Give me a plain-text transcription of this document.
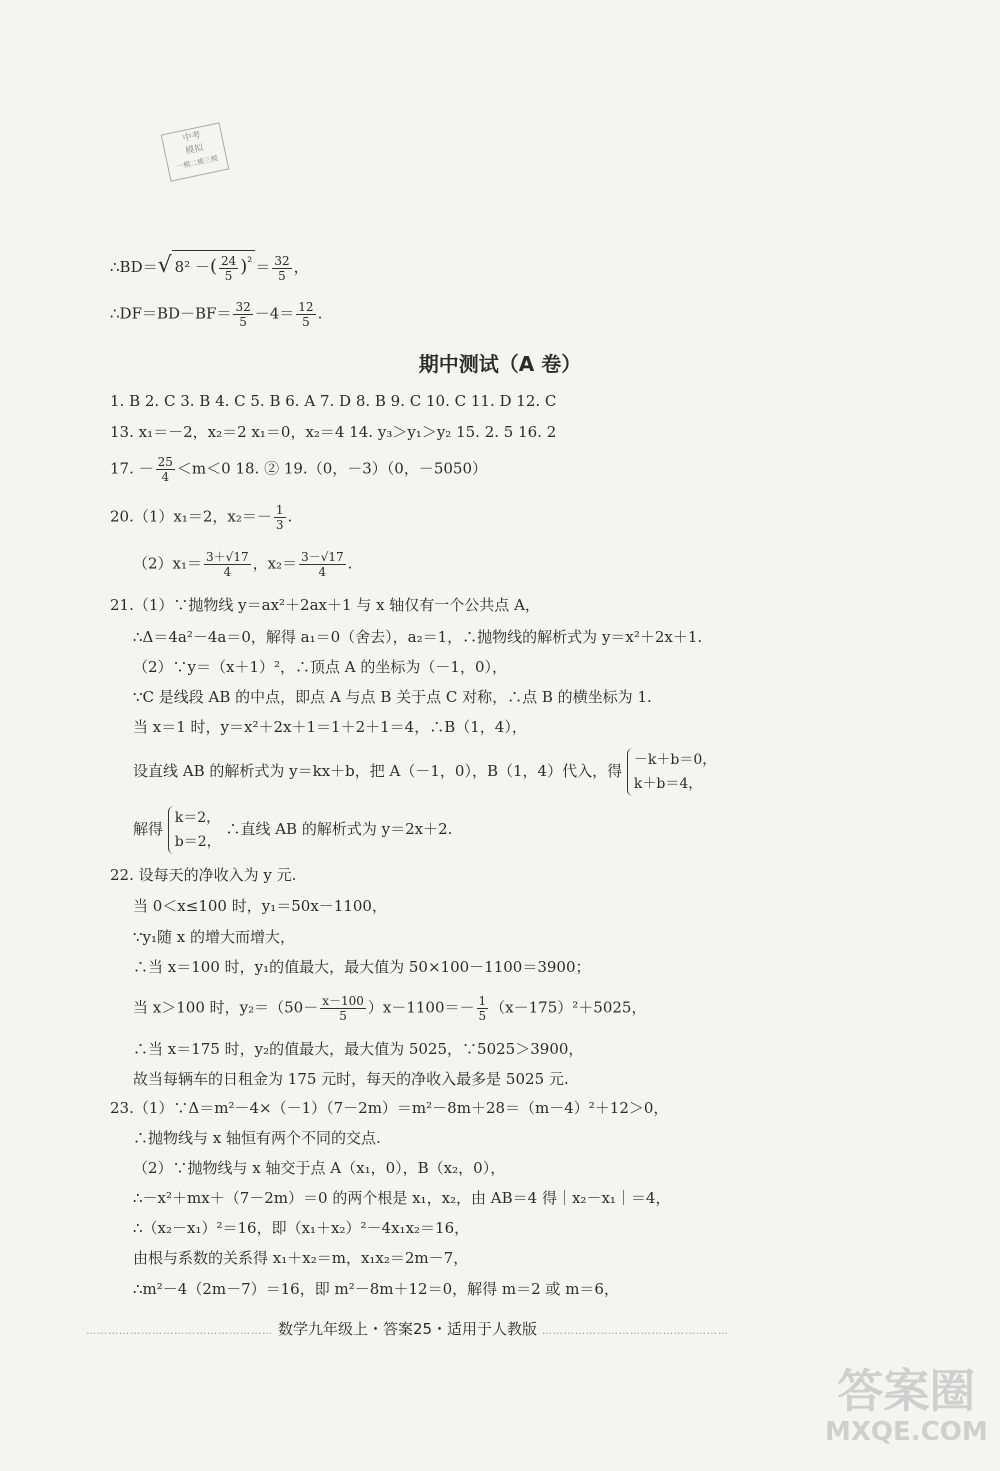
中考
模拟
一模二模三模
∴BD＝√ 8² －( $\frac{24}{5} )^{^2} = \frac{32}{5}$ ，
∴DF＝BD－BF＝ $\frac{32}{5} -4= \frac{12}{5}$ .
期中测试（A 卷）
1. B 2. C 3. B 4. C 5. B 6. A 7. D 8. B 9. C 10. C 11. D 12. C
13. x₁＝－2，x₂＝2 x₁＝0，x₂＝4 14. y₃＞y₁＞y₂ 15. 2. 5 16. 2
17. － $\frac{25}{4} <m<0$ 18. ② 19.（0，－3）（0，－5050）
20.（1）x₁＝2，$x_2=- \frac{1}{3}$ .
$(2)x_1= \frac{3+√17}{4}$ ，$x_2= \frac{3-√17}{4}$ .
21.（1）∵抛物线 y＝ax²＋2ax＋1 与 x 轴仅有一个公共点 A，
∴Δ＝4a²－4a＝0，解得 a₁＝0（舍去），a₂＝1，∴抛物线的解析式为 y＝x²＋2x＋1.
（2）∵y＝（x＋1）²，∴顶点 A 的坐标为（－1，0），
∵C 是线段 AB 的中点，即点 A 与点 B 关于点 C 对称，∴点 B 的横坐标为 1.
当 x＝1 时，y＝x²＋2x＋1＝1＋2＋1＝4，∴B（1，4），
设直线 AB 的解析式为 y＝kx＋b，把 A（－1，0），B（1，4）代入，得 －k＋b＝0，
k＋b＝4，
解得 k＝2，
b＝2， ∴直线 AB 的解析式为 y＝2x＋2.
22. 设每天的净收入为 y 元.
当 0＜x≤100 时，y₁＝50x－1100，
∵y₁随 x 的增大而增大，
∴当 x＝100 时，y₁的值最大，最大值为 50×100－1100＝3900；
当 x＞100 时，$y_2=(50- \frac{x-100}{5} )x-1100=- \frac{1}{5} (x-175)^2+5025$，
∴当 x＝175 时，y₂的值最大，最大值为 5025，∵5025＞3900，
故当每辆车的日租金为 175 元时，每天的净收入最多是 5025 元.
23.（1）∵Δ＝m²－4×（－1）（7－2m）＝m²－8m＋28＝（m－4）²＋12＞0，
∴抛物线与 x 轴恒有两个不同的交点.
（2）∵抛物线与 x 轴交于点 A（x₁，0），B（x₂，0），
∴－x²＋mx＋（7－2m）＝0 的两个根是 x₁，x₂，由 AB＝4 得｜x₂－x₁｜＝4，
∴（x₂－x₁）²＝16，即（x₁＋x₂）²－4x₁x₂＝16，
由根与系数的关系得 x₁＋x₂＝m，x₁x₂＝2m－7，
∴m²－4（2m－7）＝16，即 m²－8m＋12＝0，解得 m＝2 或 m＝6，
…………………………………………… 数学九年级上・答案25・适用于人教版 ……………………………………………
答案圈
MXQE.COM
